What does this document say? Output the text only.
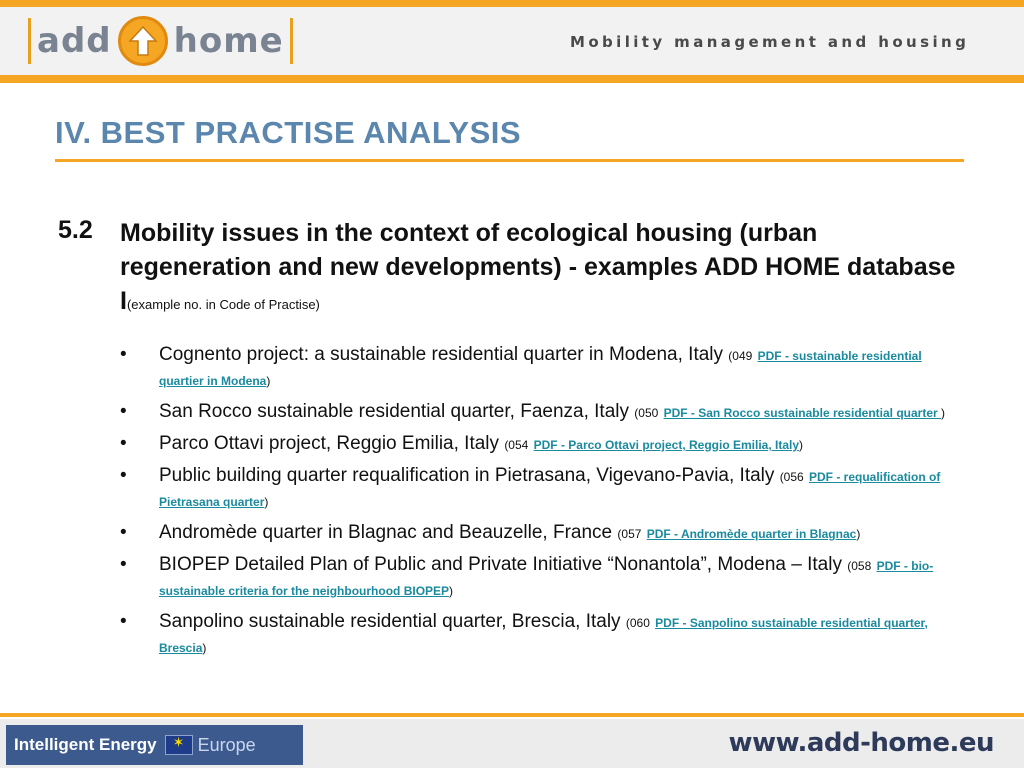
add home	Mobility management and housing
IV. BEST PRACTISE ANALYSIS
5.2 Mobility issues in the context of ecological housing (urban regeneration and new developments) - examples ADD HOME database I(example no. in Code of Practise)
• Cognento project: a sustainable residential quarter in Modena, Italy (049 PDF - sustainable residential quartier in Modena)
• San Rocco sustainable residential quarter, Faenza, Italy (050 PDF - San Rocco sustainable residential quarter )
• Parco Ottavi project, Reggio Emilia, Italy (054 PDF - Parco Ottavi project, Reggio Emilia, Italy)
• Public building quarter requalification in Pietrasana, Vigevano-Pavia, Italy (056 PDF - requalification of Pietrasana quarter)
• Andromède quarter in Blagnac and Beauzelle, France (057 PDF - Andromède quarter in Blagnac)
• BIOPEP Detailed Plan of Public and Private Initiative “Nonantola”, Modena – Italy (058 PDF - bio-sustainable criteria for the neighbourhood BIOPEP)
• Sanpolino sustainable residential quarter, Brescia, Italy (060 PDF - Sanpolino sustainable residential quarter, Brescia)
Intelligent Energy
✶ Europe	www.add-home.eu
